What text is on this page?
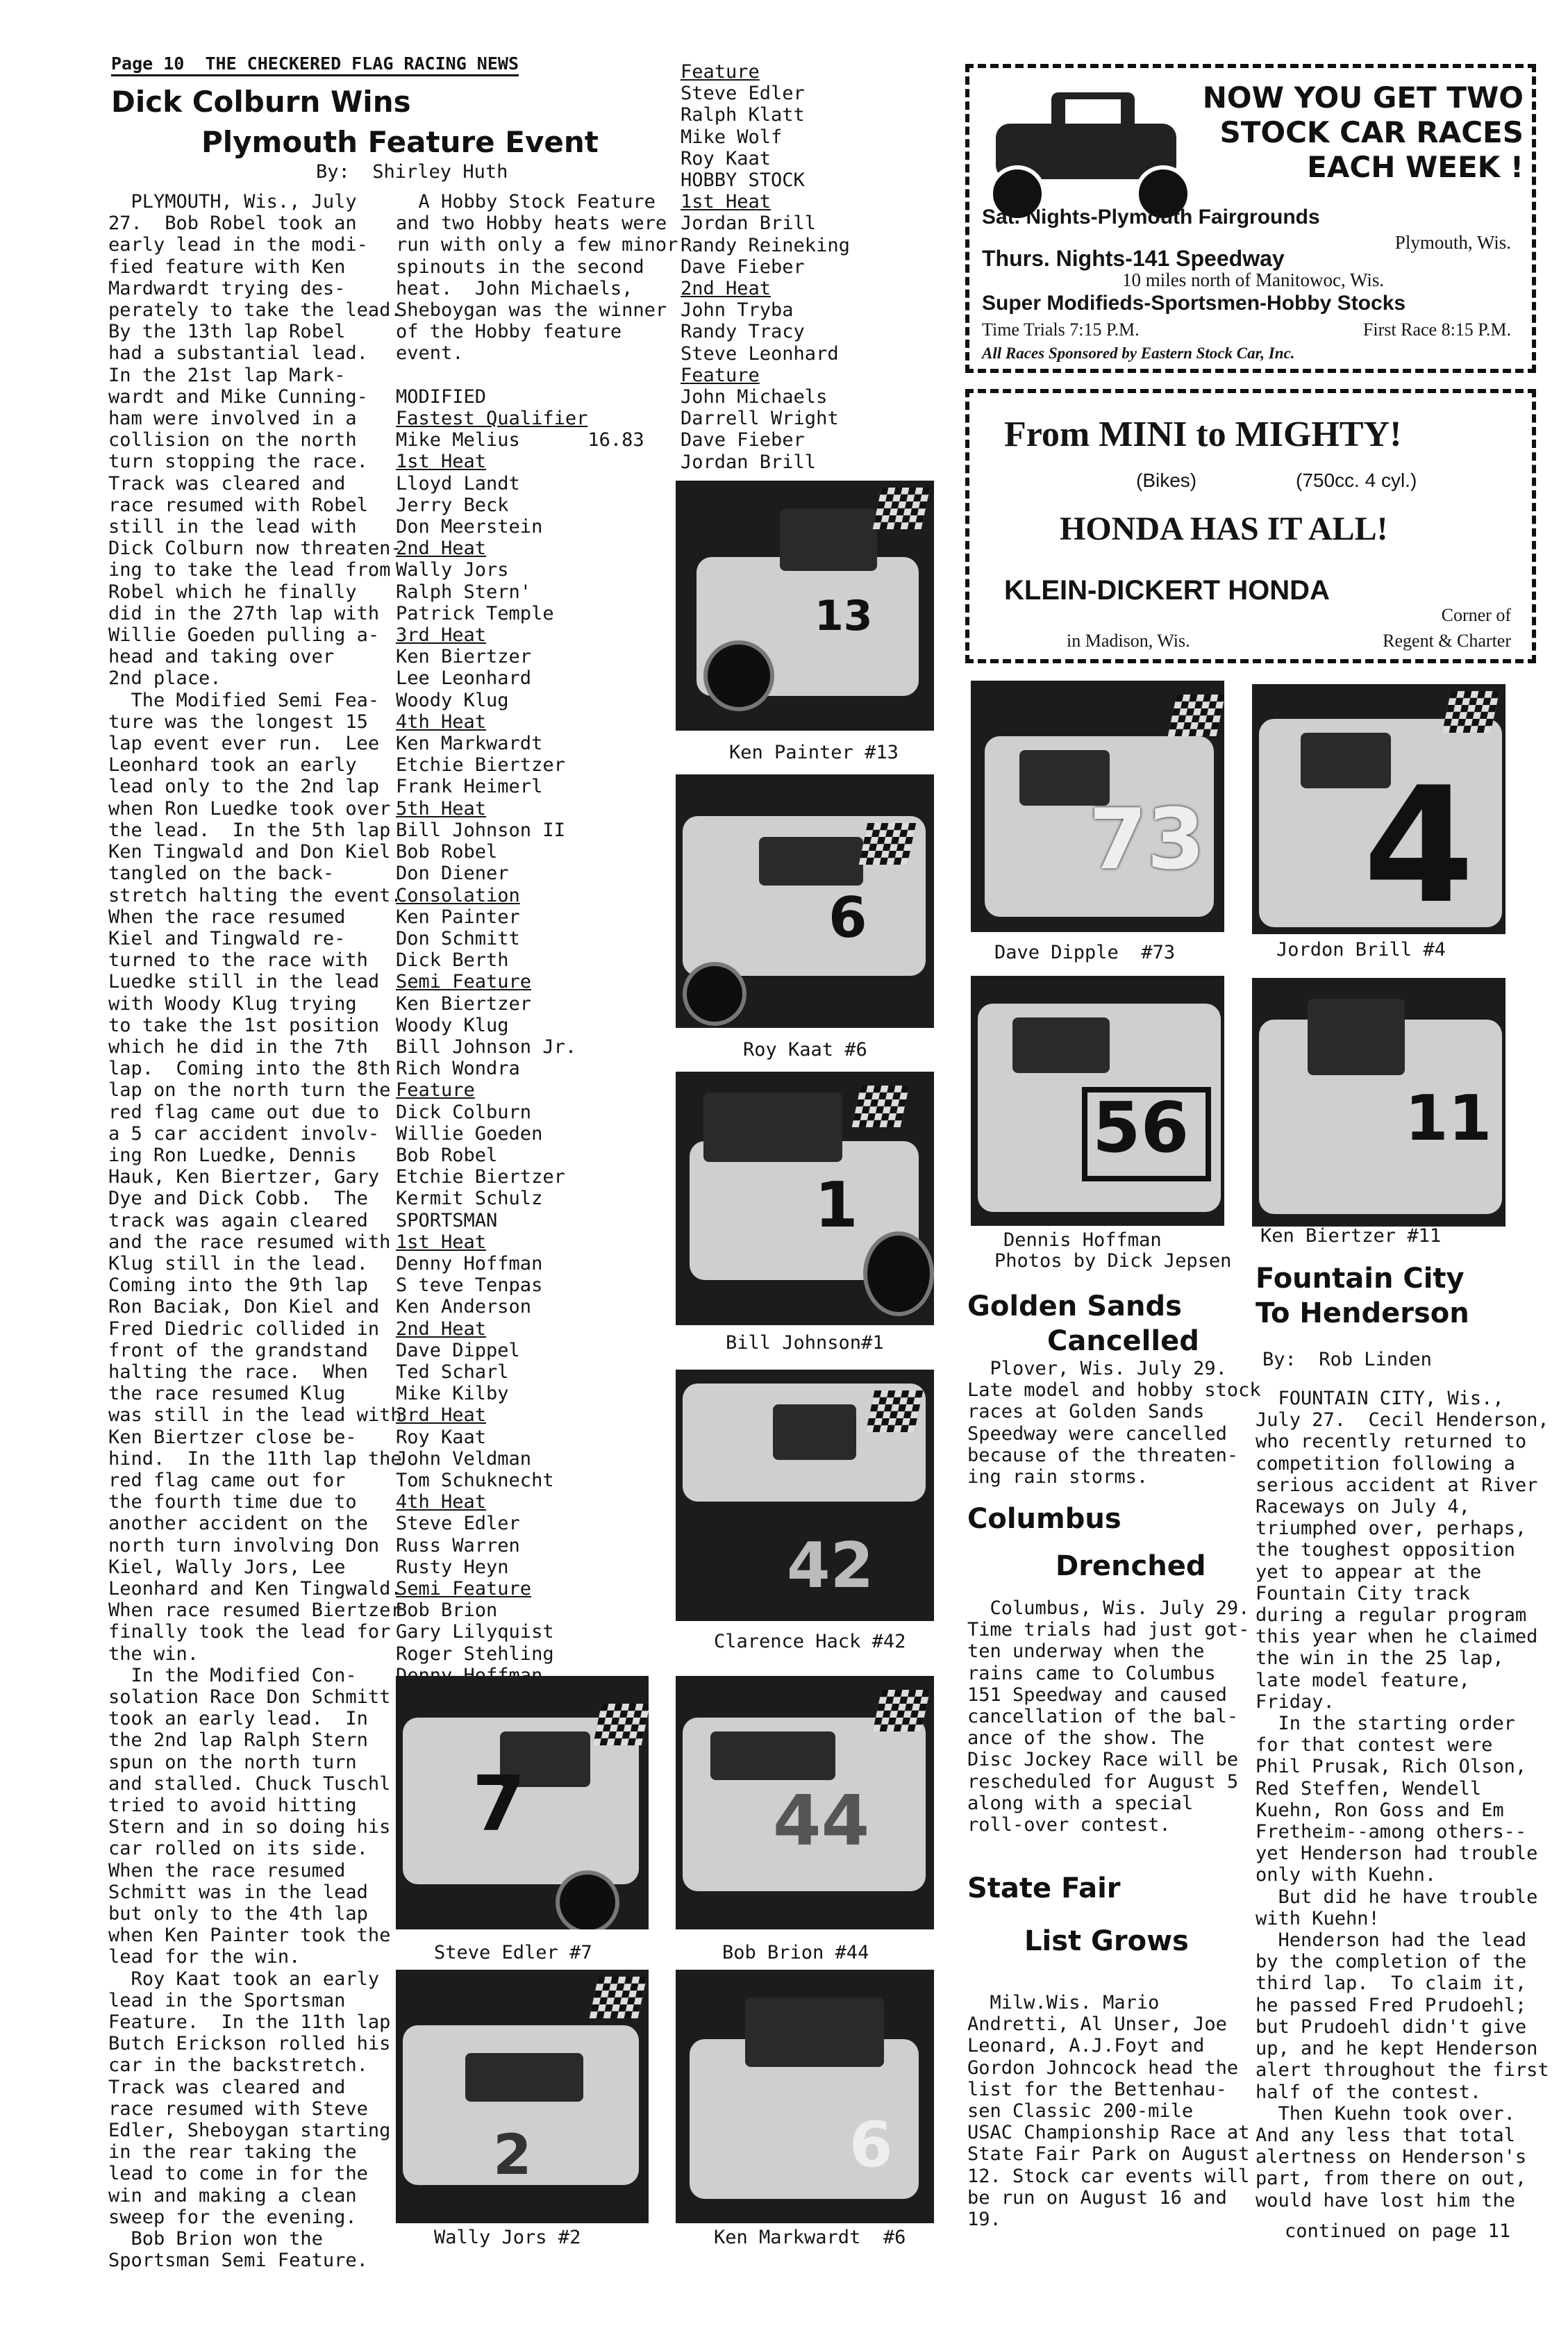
Page 10  THE CHECKERED FLAG RACING NEWS
Dick Colburn Wins
Plymouth Feature Event
By:  Shirley Huth
PLYMOUTH, Wis., July
27.  Bob Robel took an
early lead in the modi-
fied feature with Ken
Mardwardt trying des-
perately to take the lead.
By the 13th lap Robel
had a substantial lead.
In the 21st lap Mark-
wardt and Mike Cunning-
ham were involved in a
collision on the north
turn stopping the race.
Track was cleared and
race resumed with Robel
still in the lead with
Dick Colburn now threaten-
ing to take the lead from
Robel which he finally
did in the 27th lap with
Willie Goeden pulling a-
head and taking over
2nd place.
The Modified Semi Fea-
ture was the longest 15
lap event ever run.  Lee
Leonhard took an early
lead only to the 2nd lap
when Ron Luedke took over
the lead.  In the 5th lap
Ken Tingwald and Don Kiel
tangled on the back-
stretch halting the event.
When the race resumed
Kiel and Tingwald re-
turned to the race with
Luedke still in the lead
with Woody Klug trying
to take the 1st position
which he did in the 7th
lap.  Coming into the 8th
lap on the north turn the
red flag came out due to
a 5 car accident involv-
ing Ron Luedke, Dennis
Hauk, Ken Biertzer, Gary
Dye and Dick Cobb.  The
track was again cleared
and the race resumed with
Klug still in the lead.
Coming into the 9th lap
Ron Baciak, Don Kiel and
Fred Diedric collided in
front of the grandstand
halting the race.  When
the race resumed Klug
was still in the lead with
Ken Biertzer close be-
hind.  In the 11th lap the
red flag came out for
the fourth time due to
another accident on the
north turn involving Don
Kiel, Wally Jors, Lee
Leonhard and Ken Tingwald.
When race resumed Biertzer
finally took the lead for
the win.
In the Modified Con-
solation Race Don Schmitt
took an early lead.  In
the 2nd lap Ralph Stern
spun on the north turn
and stalled. Chuck Tuschl
tried to avoid hitting
Stern and in so doing his
car rolled on its side.
When the race resumed
Schmitt was in the lead
but only to the 4th lap
when Ken Painter took the
lead for the win.
Roy Kaat took an early
lead in the Sportsman
Feature.  In the 11th lap
Butch Erickson rolled his
car in the backstretch.
Track was cleared and
race resumed with Steve
Edler, Sheboygan starting
in the rear taking the
lead to come in for the
win and making a clean
sweep for the evening.
Bob Brion won the
Sportsman Semi Feature.
A Hobby Stock Feature
and two Hobby heats were
run with only a few minor
spinouts in the second
heat.  John Michaels,
Sheboygan was the winner
of the Hobby feature
event.

MODIFIED
Fastest Qualifier
Mike Melius      16.83
1st Heat
Lloyd Landt
Jerry Beck
Don Meerstein
2nd Heat
Wally Jors
Ralph Stern'
Patrick Temple
3rd Heat
Ken Biertzer
Lee Leonhard
Woody Klug
4th Heat
Ken Markwardt
Etchie Biertzer
Frank Heimerl
5th Heat
Bill Johnson II
Bob Robel
Don Diener
Consolation
Ken Painter
Don Schmitt
Dick Berth
Semi Feature
Ken Biertzer
Woody Klug
Bill Johnson Jr.
Rich Wondra
Feature
Dick Colburn
Willie Goeden
Bob Robel
Etchie Biertzer
Kermit Schulz
SPORTSMAN
1st Heat
Denny Hoffman
S teve Tenpas
Ken Anderson
2nd Heat
Dave Dippel
Ted Scharl
Mike Kilby
3rd Heat
Roy Kaat
John Veldman
Tom Schuknecht
4th Heat
Steve Edler
Russ Warren
Rusty Heyn
Semi Feature
Bob Brion
Gary Lilyquist
Roger Stehling
Feature
Steve Edler
Ralph Klatt
Mike Wolf
Roy Kaat
HOBBY STOCK
1st Heat
Jordan Brill
Randy Reineking
Dave Fieber
2nd Heat
John Tryba
Randy Tracy
Steve Leonhard
Feature
John Michaels
Darrell Wright
Dave Fieber
Jordan Brill
13
Ken Painter #13
6
Roy Kaat #6
1
Bill Johnson#1
42
Clarence Hack #42
7
Steve Edler #7
44
Bob Brion #44
2
Wally Jors #2
6
Ken Markwardt  #6
NOW YOU GET TWO
STOCK CAR RACES
EACH WEEK !
Sat. Nights-Plymouth Fairgrounds
Plymouth, Wis.
Thurs. Nights-141 Speedway
10 miles north of Manitowoc, Wis.
Super Modifieds-Sportsmen-Hobby Stocks
Time Trials 7:15 P.M.	First Race 8:15 P.M.
All Races Sponsored by Eastern Stock Car, Inc.
From MINI to MIGHTY!
(Bikes)	(750cc. 4 cyl.)
HONDA HAS IT ALL!
KLEIN-DICKERT HONDA
Corner of
in Madison, Wis.	Regent & Charter
73
Dave Dipple  #73
4
Jordon Brill #4
56
Dennis Hoffman
Photos by Dick Jepsen
11
Ken Biertzer #11
Golden Sands
Cancelled
Plover, Wis. July 29.
Late model and hobby stock
races at Golden Sands
Speedway were cancelled
because of the threaten-
ing rain storms.
Columbus
Drenched
Columbus, Wis. July 29.
Time trials had just got-
ten underway when the
rains came to Columbus
151 Speedway and caused
cancellation of the bal-
ance of the show. The
Disc Jockey Race will be
rescheduled for August 5
along with a special
roll-over contest.
State Fair
List Grows
Milw.Wis. Mario
Andretti, Al Unser, Joe
Leonard, A.J.Foyt and
Gordon Johncock head the
list for the Bettenhau-
sen Classic 200-mile
USAC Championship Race at
State Fair Park on August
12. Stock car events will
be run on August 16 and
19.
Fountain City
To Henderson
By:  Rob Linden
FOUNTAIN CITY, Wis.,
July 27.  Cecil Henderson,
who recently returned to
competition following a
serious accident at River
Raceways on July 4,
triumphed over, perhaps,
the toughest opposition
yet to appear at the
Fountain City track
during a regular program
this year when he claimed
the win in the 25 lap,
late model feature,
Friday.
In the starting order
for that contest were
Phil Prusak, Rich Olson,
Red Steffen, Wendell
Kuehn, Ron Goss and Em
Fretheim--among others--
yet Henderson had trouble
only with Kuehn.
But did he have trouble
with Kuehn!
Henderson had the lead
by the completion of the
third lap.  To claim it,
he passed Fred Prudoehl;
but Prudoehl didn't give
up, and he kept Henderson
alert throughout the first
half of the contest.
Then Kuehn took over.
And any less that total
alertness on Henderson's
part, from there on out,
would have lost him the
continued on page 11
